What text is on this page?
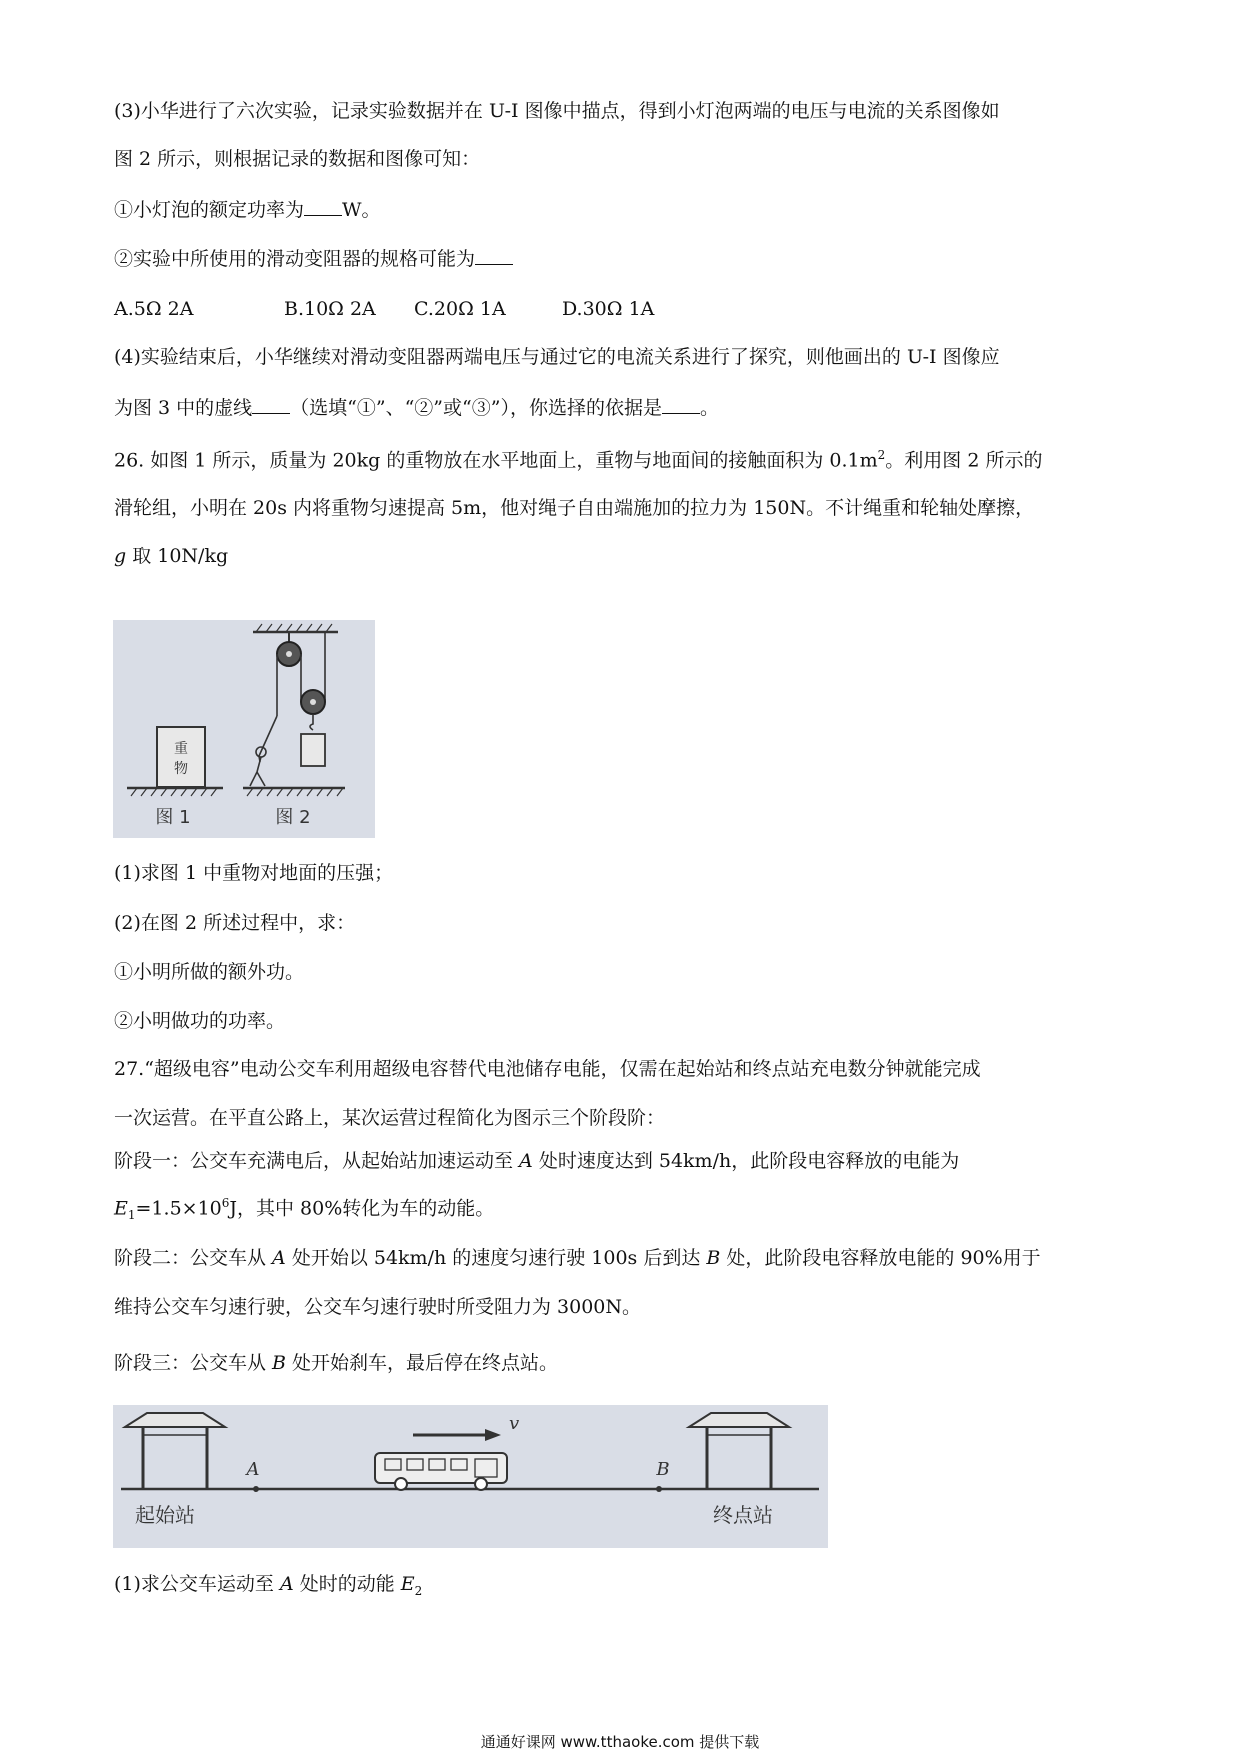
(3)小华进行了六次实验，记录实验数据并在 U-I 图像中描点，得到小灯泡两端的电压与电流的关系图像如
图 2 所示，则根据记录的数据和图像可知：
①小灯泡的额定功率为 W。
②实验中所使用的滑动变阻器的规格可能为
A.5Ω 2A	B.10Ω 2A C.20Ω 1A	D.30Ω 1A
(4)实验结束后，小华继续对滑动变阻器两端电压与通过它的电流关系进行了探究，则他画出的 U-I 图像应
为图 3 中的虚线 （选填“①”、“②”或“③”），你选择的依据是 。
26. 如图 1 所示，质量为 20kg 的重物放在水平地面上，重物与地面间的接触面积为 $0.1m^2$。利用图 2 所示的
滑轮组，小明在 20s 内将重物匀速提高 5m，他对绳子自由端施加的拉力为 150N。不计绳重和轮轴处摩擦，
g 取 10N/kg
重
物
图 1	图 2
(1)求图 1 中重物对地面的压强；
(2)在图 2 所述过程中，求：
①小明所做的额外功。
②小明做功的功率。
27.“超级电容”电动公交车利用超级电容替代电池储存电能，仅需在起始站和终点站充电数分钟就能完成
一次运营。在平直公路上，某次运营过程简化为图示三个阶段阶：
阶段一：公交车充满电后，从起始站加速运动至 A 处时速度达到 54km/h，此阶段电容释放的电能为
$E_1=1.5\times 10^6J$，其中 80%转化为车的动能。
阶段二：公交车从 A 处开始以 54km/h 的速度匀速行驶 100s 后到达 B 处，此阶段电容释放电能的 90%用于
维持公交车匀速行驶，公交车匀速行驶时所受阻力为 3000N。
阶段三：公交车从 B 处开始刹车，最后停在终点站。
A	B
v
起始站	终点站
(1)求公交车运动至 A 处时的动能 $E_2$
通通好课网 www.tthaoke.com 提供下载
